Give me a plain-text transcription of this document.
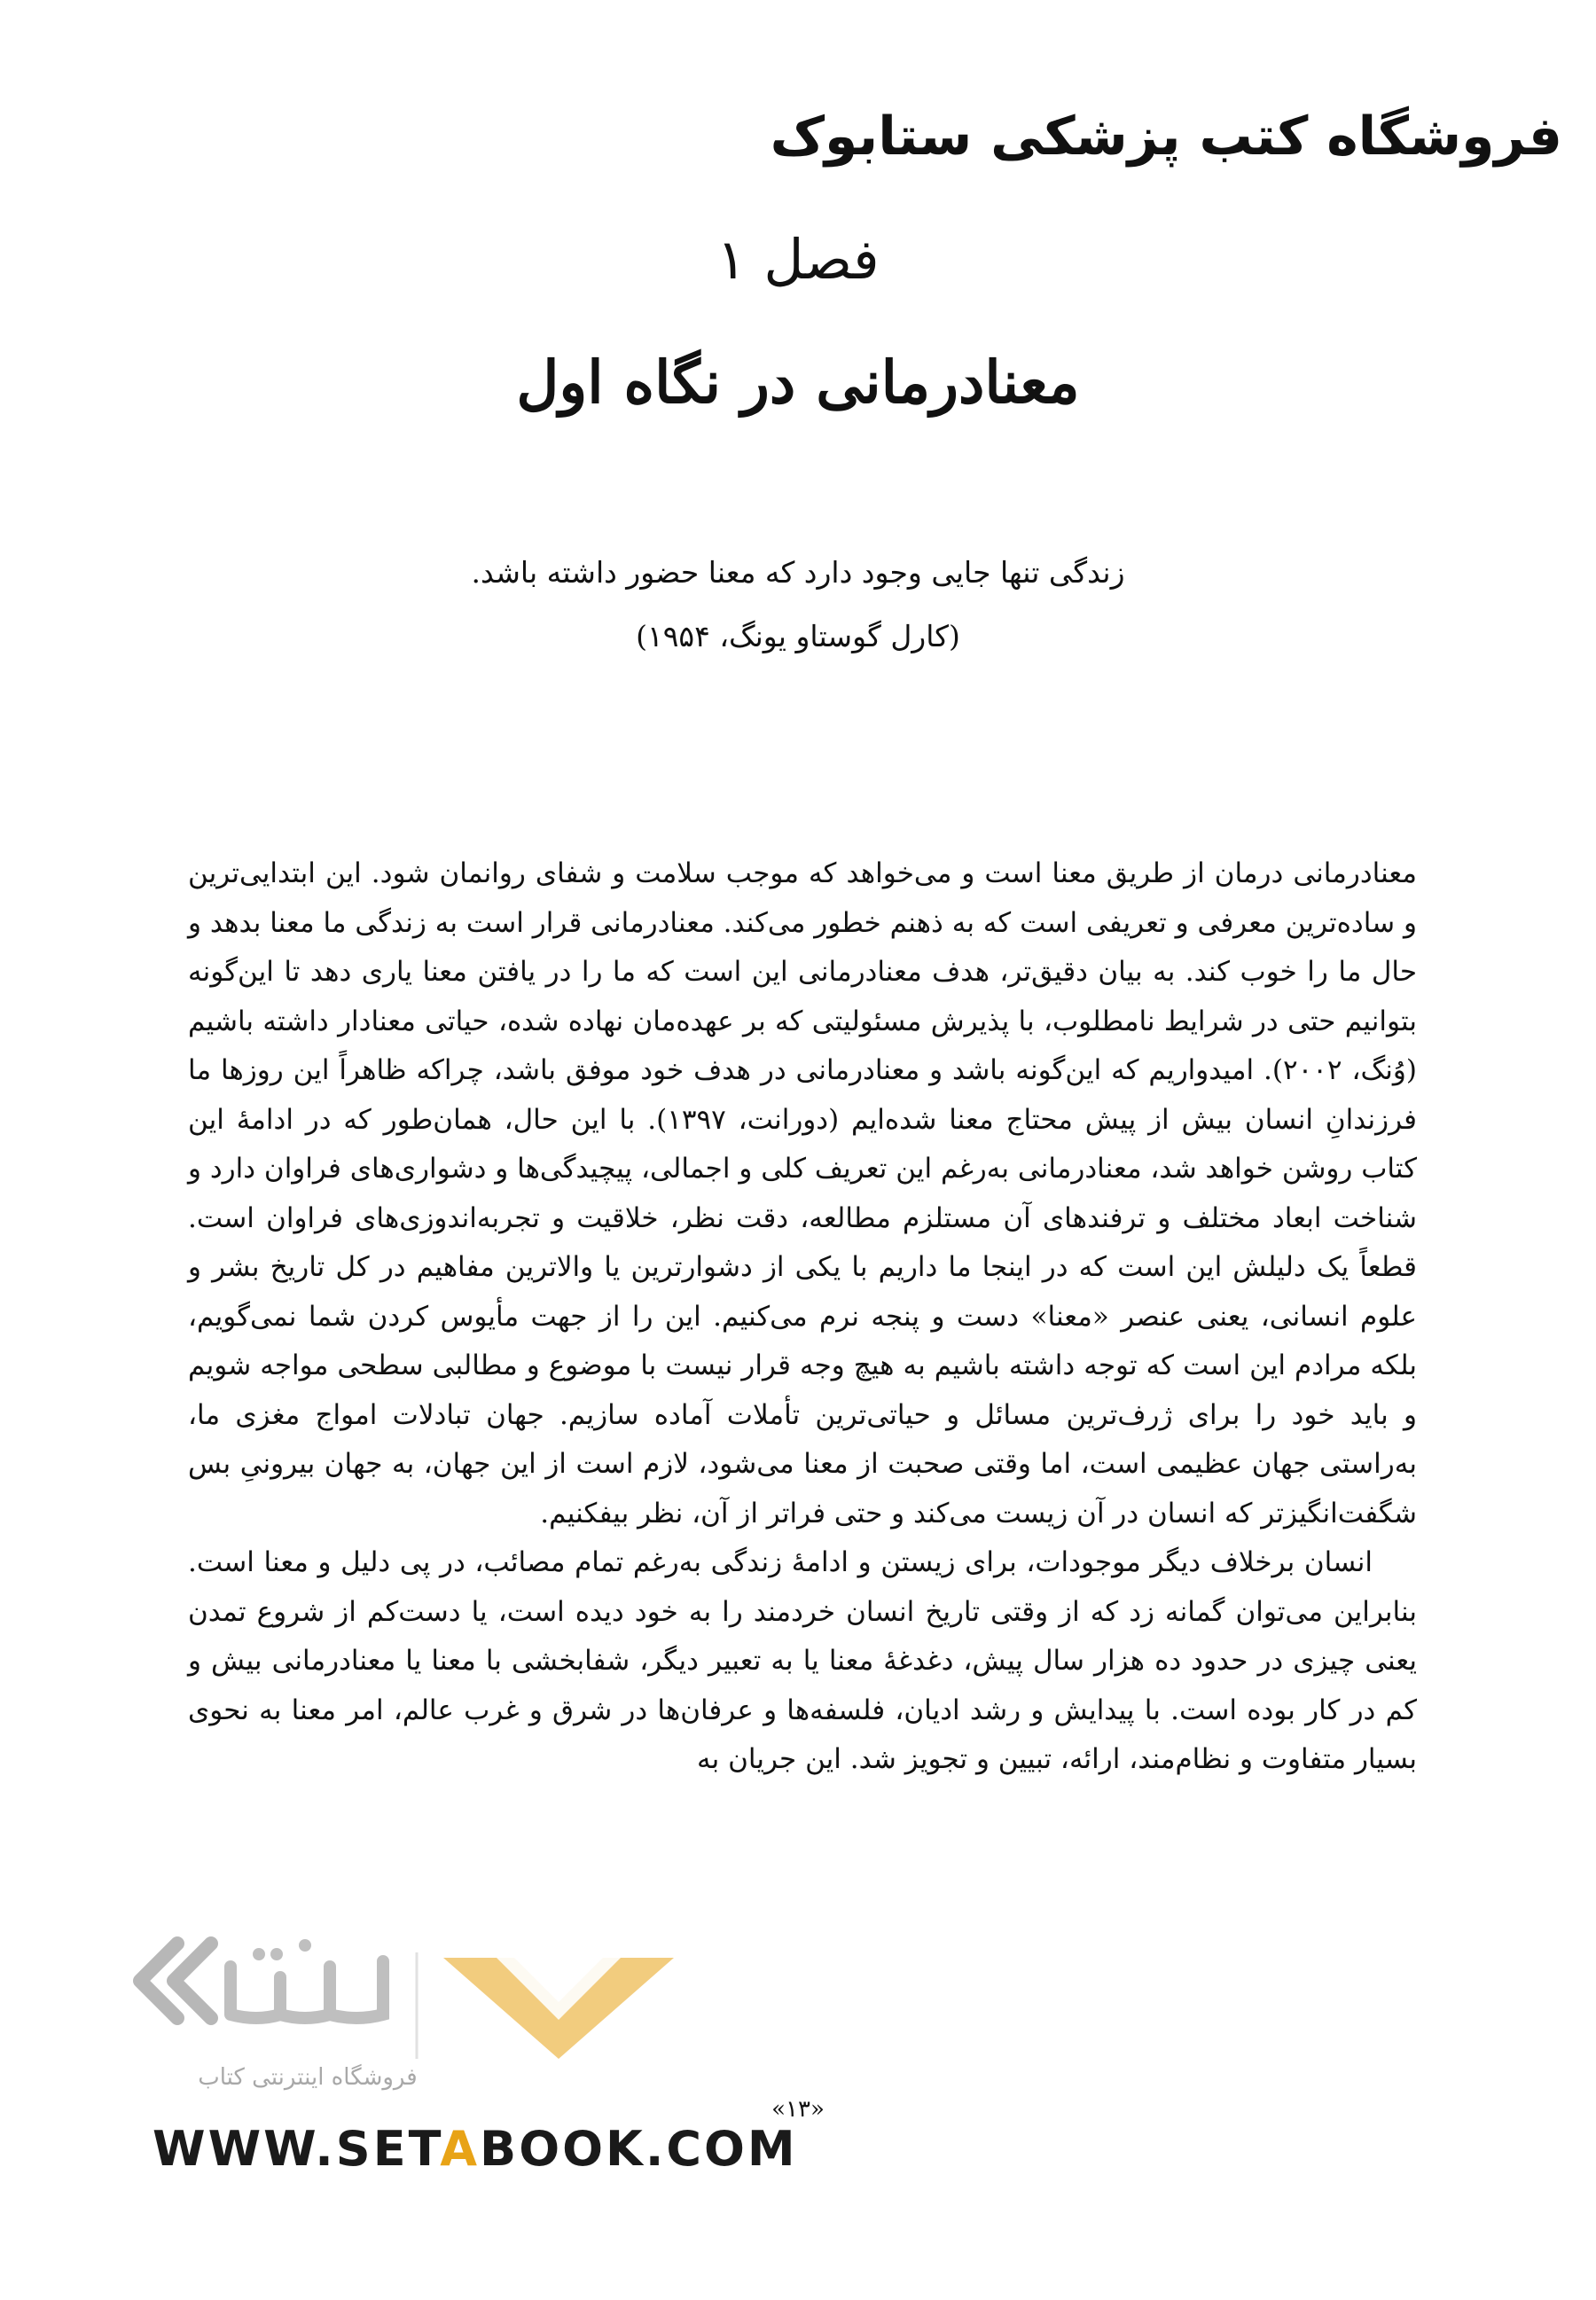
فروشگاه کتب پزشکی ستابوک
فصل ۱
معنادرمانی در نگاه اول
زندگی تنها جایی وجود دارد که معنا حضور داشته باشد.
(کارل گوستاو یونگ، ۱۹۵۴)

معنادرمانی درمان از طریق معنا است و می‌خواهد که موجب سلامت و شفای روانمان شود. این ابتدایی‌ترین و ساده‌ترین معرفی و تعریفی است که به ذهنم خطور می‌کند. معنادرمانی قرار است به زندگی ما معنا بدهد و حال ما را خوب کند. به بیان دقیق‌تر، هدف معنادرمانی این است که ما را در یافتن معنا یاری دهد تا این‌گونه بتوانیم حتی در شرایط نامطلوب، با پذیرش مسئولیتی که بر عهده‌مان نهاده شده، حیاتی معنادار داشته باشیم (وُنگ، ۲۰۰۲). امیدواریم که این‌گونه باشد و معنادرمانی در هدف خود موفق باشد، چراکه ظاهراً این روزها ما فرزندانِ انسان بیش از پیش محتاج معنا شده‌ایم (دورانت، ۱۳۹۷). با این حال، همان‌طور که در ادامهٔ این کتاب روشن خواهد شد، معنادرمانی به‌رغم این تعریف کلی و اجمالی، پیچیدگی‌ها و دشواری‌های فراوان دارد و شناخت ابعاد مختلف و ترفندهای آن مستلزم مطالعه، دقت نظر، خلاقیت و تجربه‌اندوزی‌های فراوان است. قطعاً یک دلیلش این است که در اینجا ما داریم با یکی از دشوارترین یا والاترین مفاهیم در کل تاریخ بشر و علوم انسانی، یعنی عنصر «معنا» دست و پنجه نرم می‌کنیم. این را از جهت مأیوس کردن شما نمی‌گویم، بلکه مرادم این است که توجه داشته باشیم به هیچ وجه قرار نیست با موضوع و مطالبی سطحی مواجه شویم و باید خود را برای ژرف‌ترین مسائل و حیاتی‌ترین تأملات آماده سازیم. جهان تبادلات امواج مغزی ما، به‌راستی جهان عظیمی است، اما وقتی صحبت از معنا می‌شود، لازم است از این جهان، به جهان بیرونیِ بس شگفت‌انگیزتر که انسان در آن زیست می‌کند و حتی فراتر از آن، نظر بیفکنیم.

انسان برخلاف دیگر موجودات، برای زیستن و ادامهٔ زندگی به‌رغم تمام مصائب، در پی دلیل و معنا است. بنابراین می‌توان گمانه زد که از وقتی تاریخ انسان خردمند را به خود دیده است، یا دست‌کم از شروع تمدن یعنی چیزی در حدود ده هزار سال پیش، دغدغهٔ معنا یا به تعبیر دیگر، شفابخشی با معنا یا معنادرمانی بیش و کم در کار بوده است. با پیدایش و رشد ادیان، فلسفه‌ها و عرفان‌ها در شرق و غرب عالم، امر معنا به نحوی بسیار متفاوت و نظام‌مند، ارائه، تبیین و تجویز شد. این جریان به

«۱۳»
فروشگاه اینترنتی کتاب
WWW.SETABOOK.COM
